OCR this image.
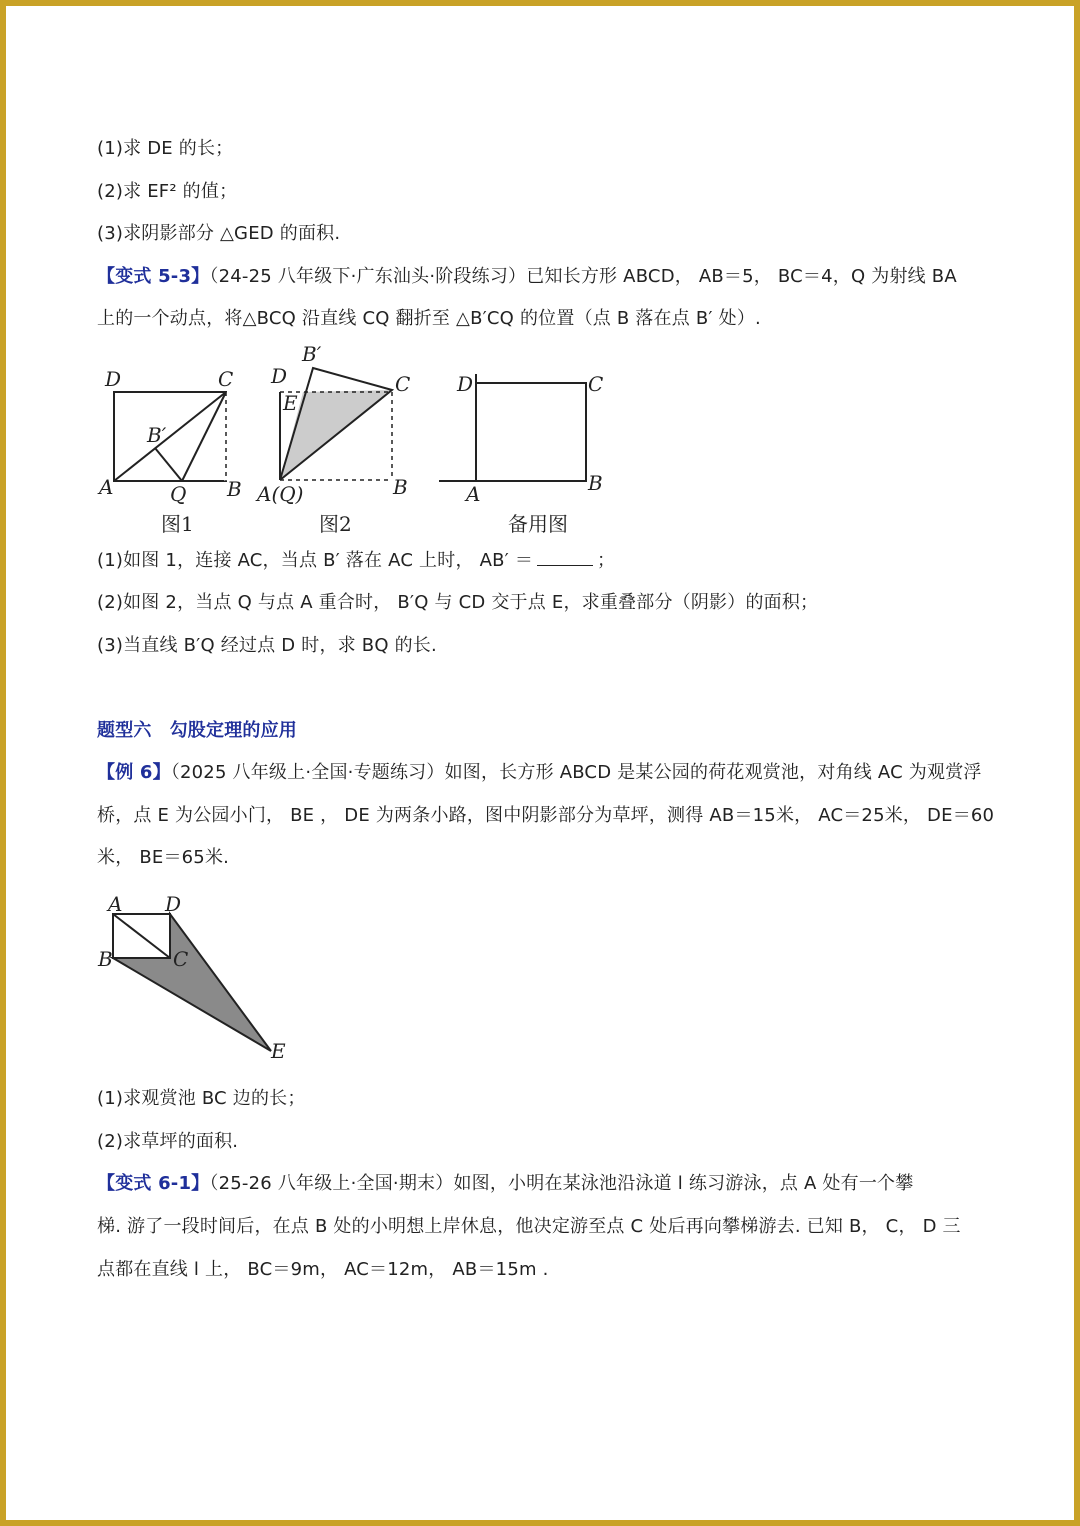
(1)求 DE 的长；
(2)求 EF² 的值；
(3)求阴影部分 △GED 的面积.
【变式 5-3】（24-25 八年级下·广东汕头·阶段练习）已知长方形 ABCD， AB＝5， BC＝4，Q 为射线 BA
上的一个动点，将△BCQ 沿直线 CQ 翻折至 △B′CQ 的位置（点 B 落在点 B′ 处）.
D	C
B′
A	Q B
图1
B′
D
E
C
A(Q)	B
图2
D	C
A	B
备用图
(1)如图 1，连接 AC，当点 B′ 落在 AC 上时， AB′ ＝	；
(2)如图 2，当点 Q 与点 A 重合时， B′Q 与 CD 交于点 E，求重叠部分（阴影）的面积；
(3)当直线 B′Q 经过点 D 时，求 BQ 的长.
题型六 勾股定理的应用
【例 6】（2025 八年级上·全国·专题练习）如图，长方形 ABCD 是某公园的荷花观赏池，对角线 AC 为观赏浮
桥，点 E 为公园小门， BE ， DE 为两条小路，图中阴影部分为草坪，测得 AB＝15米， AC＝25米， DE＝60
米， BE＝65米.
A D
B	C
E
(1)求观赏池 BC 边的长；
(2)求草坪的面积.
【变式 6-1】（25-26 八年级上·全国·期末）如图，小明在某泳池沿泳道 l 练习游泳，点 A 处有一个攀
梯. 游了一段时间后，在点 B 处的小明想上岸休息，他决定游至点 C 处后再向攀梯游去. 已知 B， C， D 三
点都在直线 l 上， BC＝9m， AC＝12m， AB＝15m .
